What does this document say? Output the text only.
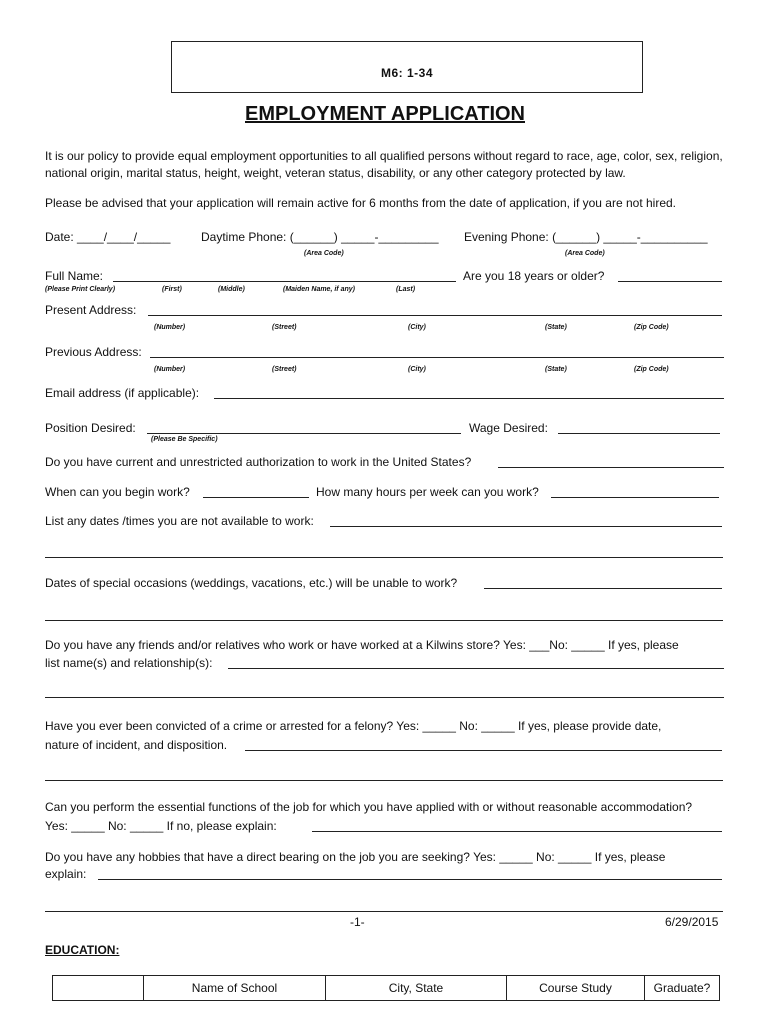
M6: 1-34
EMPLOYMENT APPLICATION
It is our policy to provide equal employment opportunities to all qualified persons without regard to race, age, color, sex, religion, national origin, marital status, height, weight, veteran status, disability, or any other category protected by law.
Please be advised that your application will remain active for 6 months from the date of application, if you are not hired.
Date: ____/____/_____	Daytime Phone: (______) _____-_________ Evening Phone: (______) _____-__________
(Area Code)	(Area Code)
Full Name:	Are you 18 years or older?
(Please Print Clearly)	(First)	(Middle)	(Maiden Name, if any)	(Last)
Present Address:
(Number)	(Street)	(City)	(State)	(Zip Code)
Previous Address:
(Number)	(Street)	(City)	(State)	(Zip Code)
Email address (if applicable):
Position Desired:
(Please Be Specific)
Wage Desired:
Do you have current and unrestricted authorization to work in the United States?
When can you begin work?	How many hours per week can you work?
List any dates /times you are not available to work:
Dates of special occasions (weddings, vacations, etc.) will be unable to work?
Do you have any friends and/or relatives who work or have worked at a Kilwins store? Yes: ___No: _____ If yes, please
list name(s) and relationship(s):
Have you ever been convicted of a crime or arrested for a felony? Yes: _____ No: _____ If yes, please provide date,
nature of incident, and disposition.
Can you perform the essential functions of the job for which you have applied with or without reasonable accommodation?
Yes: _____ No: _____ If no, please explain:
Do you have any hobbies that have a direct bearing on the job you are seeking? Yes: _____ No: _____ If yes, please
explain:
-1-	6/29/2015
EDUCATION:
	Name of School	City, State	Course Study	Graduate?
